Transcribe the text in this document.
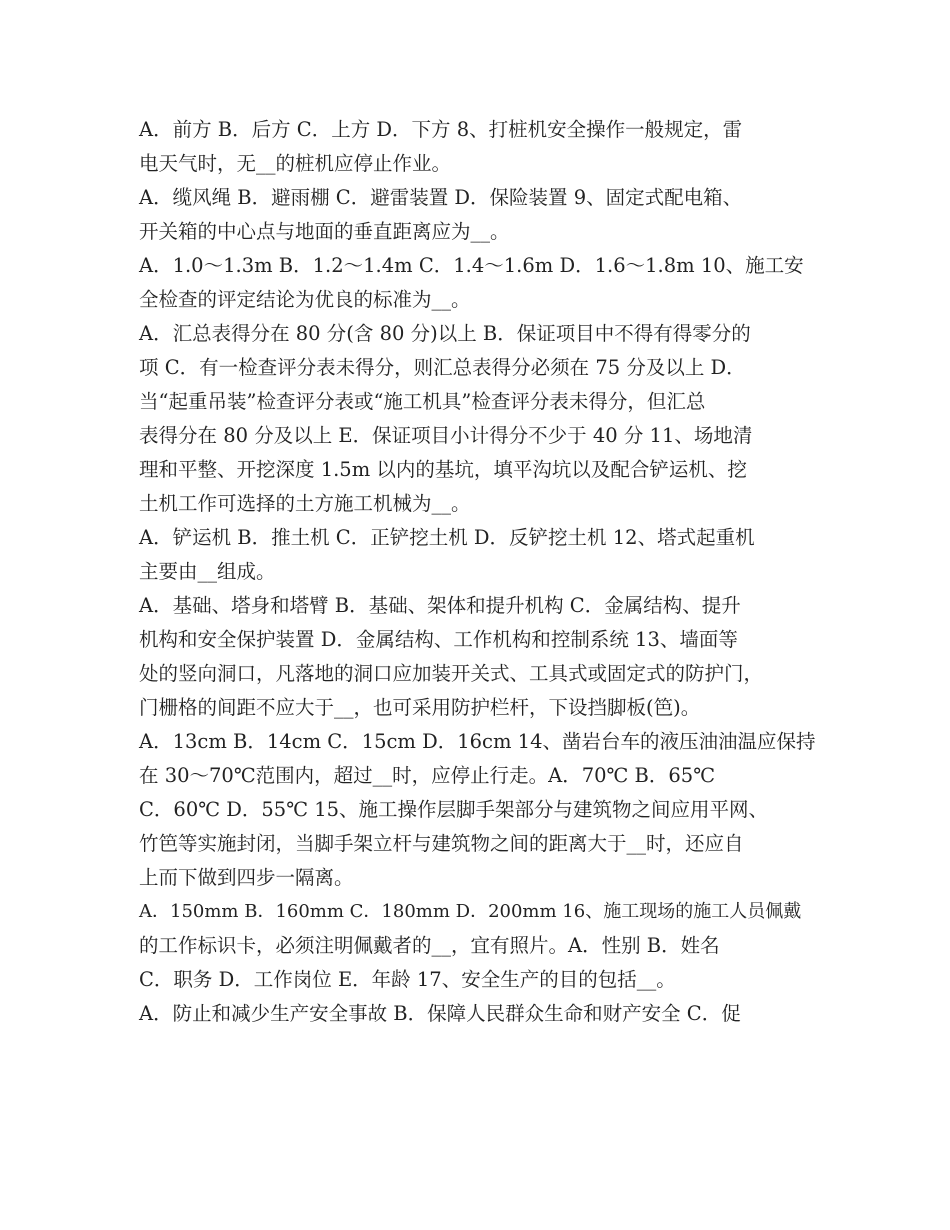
A．前方 B．后方 C．上方 D．下方 8、打桩机安全操作一般规定，雷
电天气时，无__的桩机应停止作业。
A．缆风绳 B．避雨棚 C．避雷装置 D．保险装置 9、固定式配电箱、
开关箱的中心点与地面的垂直距离应为__。
A．1.0～1.3m B．1.2～1.4m C．1.4～1.6m D．1.6～1.8m 10、施工安
全检查的评定结论为优良的标准为__。
A．汇总表得分在 80 分(含 80 分)以上 B．保证项目中不得有得零分的
项 C．有一检查评分表未得分，则汇总表得分必须在 75 分及以上 D．
当“起重吊装”检查评分表或“施工机具”检查评分表未得分，但汇总
表得分在 80 分及以上 E．保证项目小计得分不少于 40 分 11、场地清
理和平整、开挖深度 1.5m 以内的基坑，填平沟坑以及配合铲运机、挖
土机工作可选择的土方施工机械为__。
A．铲运机 B．推土机 C．正铲挖土机 D．反铲挖土机 12、塔式起重机
主要由__组成。
A．基础、塔身和塔臂 B．基础、架体和提升机构 C．金属结构、提升
机构和安全保护装置 D．金属结构、工作机构和控制系统 13、墙面等
处的竖向洞口，凡落地的洞口应加装开关式、工具式或固定式的防护门，
门栅格的间距不应大于__，也可采用防护栏杆，下设挡脚板(笆)。
A．13cm B．14cm C．15cm D．16cm 14、凿岩台车的液压油油温应保持
在 30～70℃范围内，超过__时，应停止行走。A．70℃ B．65℃
C．60℃ D．55℃ 15、施工操作层脚手架部分与建筑物之间应用平网、
竹笆等实施封闭，当脚手架立杆与建筑物之间的距离大于__时，还应自
上而下做到四步一隔离。
A．150mm B．160mm C．180mm D．200mm 16、施工现场的施工人员佩戴
的工作标识卡，必须注明佩戴者的__，宜有照片。A．性别 B．姓名
C．职务 D．工作岗位 E．年龄 17、安全生产的目的包括__。
A．防止和减少生产安全事故 B．保障人民群众生命和财产安全 C．促
